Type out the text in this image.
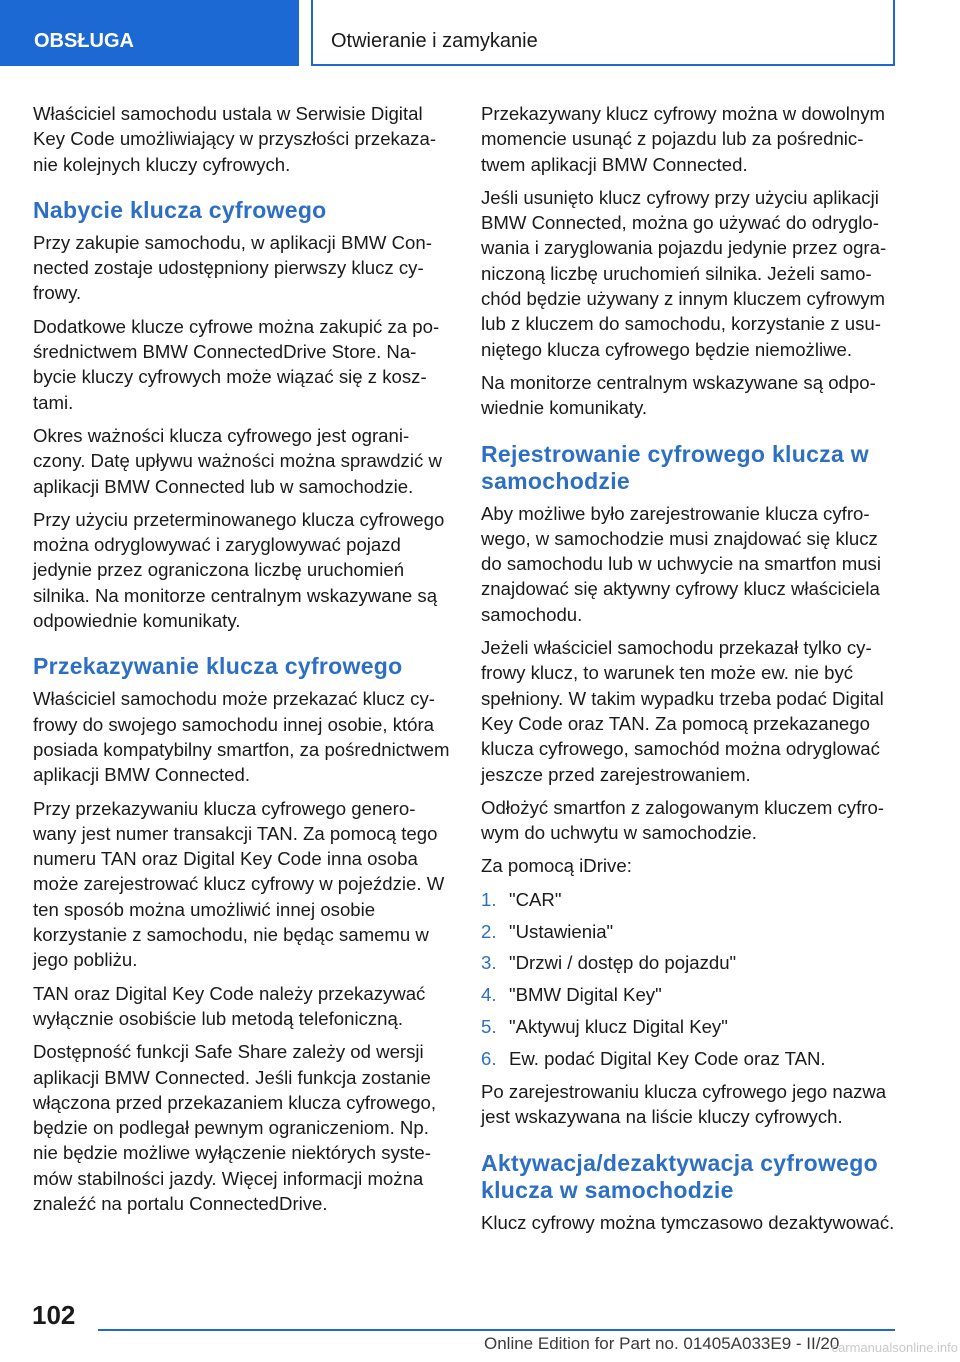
OBSŁUGA	Otwieranie i zamykanie

Właściciel samochodu ustala w Serwisie Digital Key Code umożliwiający w przyszłości przekazanie kolejnych kluczy cyfrowych.

Nabycie klucza cyfrowego

Przy zakupie samochodu, w aplikacji BMW Connected zostaje udostępniony pierwszy klucz cyfrowy.

Dodatkowe klucze cyfrowe można zakupić za pośrednictwem BMW ConnectedDrive Store. Nabycie kluczy cyfrowych może wiązać się z kosztami.

Okres ważności klucza cyfrowego jest ograniczony. Datę upływu ważności można sprawdzić w aplikacji BMW Connected lub w samochodzie.

Przy użyciu przeterminowanego klucza cyfrowego można odryglowywać i zaryglowywać pojazd jedynie przez ograniczona liczbę uruchomień silnika. Na monitorze centralnym wskazywane są odpowiednie komunikaty.

Przekazywanie klucza cyfrowego

Właściciel samochodu może przekazać klucz cyfrowy do swojego samochodu innej osobie, która posiada kompatybilny smartfon, za pośrednictwem aplikacji BMW Connected.

Przy przekazywaniu klucza cyfrowego generowany jest numer transakcji TAN. Za pomocą tego numeru TAN oraz Digital Key Code inna osoba może zarejestrować klucz cyfrowy w pojeździe. W ten sposób można umożliwić innej osobie korzystanie z samochodu, nie będąc samemu w jego pobliżu.

TAN oraz Digital Key Code należy przekazywać wyłącznie osobiście lub metodą telefoniczną.

Dostępność funkcji Safe Share zależy od wersji aplikacji BMW Connected. Jeśli funkcja zostanie włączona przed przekazaniem klucza cyfrowego, będzie on podlegał pewnym ograniczeniom. Np. nie będzie możliwe wyłączenie niektórych systemów stabilności jazdy. Więcej informacji można znaleźć na portalu ConnectedDrive.

Przekazywany klucz cyfrowy można w dowolnym momencie usunąć z pojazdu lub za pośrednictwem aplikacji BMW Connected.

Jeśli usunięto klucz cyfrowy przy użyciu aplikacji BMW Connected, można go używać do odryglowania i zaryglowania pojazdu jedynie przez ograniczoną liczbę uruchomień silnika. Jeżeli samochód będzie używany z innym kluczem cyfrowym lub z kluczem do samochodu, korzystanie z usuniętego klucza cyfrowego będzie niemożliwe.

Na monitorze centralnym wskazywane są odpowiednie komunikaty.

Rejestrowanie cyfrowego klucza w samochodzie

Aby możliwe było zarejestrowanie klucza cyfrowego, w samochodzie musi znajdować się klucz do samochodu lub w uchwycie na smartfon musi znajdować się aktywny cyfrowy klucz właściciela samochodu.

Jeżeli właściciel samochodu przekazał tylko cyfrowy klucz, to warunek ten może ew. nie być spełniony. W takim wypadku trzeba podać Digital Key Code oraz TAN. Za pomocą przekazanego klucza cyfrowego, samochód można odryglować jeszcze przed zarejestrowaniem.

Odłożyć smartfon z zalogowanym kluczem cyfrowym do uchwytu w samochodzie.

Za pomocą iDrive:

1. "CAR"
2. "Ustawienia"
3. "Drzwi / dostęp do pojazdu"
4. "BMW Digital Key"
5. "Aktywuj klucz Digital Key"
6. Ew. podać Digital Key Code oraz TAN.

Po zarejestrowaniu klucza cyfrowego jego nazwa jest wskazywana na liście kluczy cyfrowych.

Aktywacja/dezaktywacja cyfrowego klucza w samochodzie

Klucz cyfrowy można tymczasowo dezaktywować.

102
Online Edition for Part no. 01405A033E9 - II/20
carmanualsonline.info
